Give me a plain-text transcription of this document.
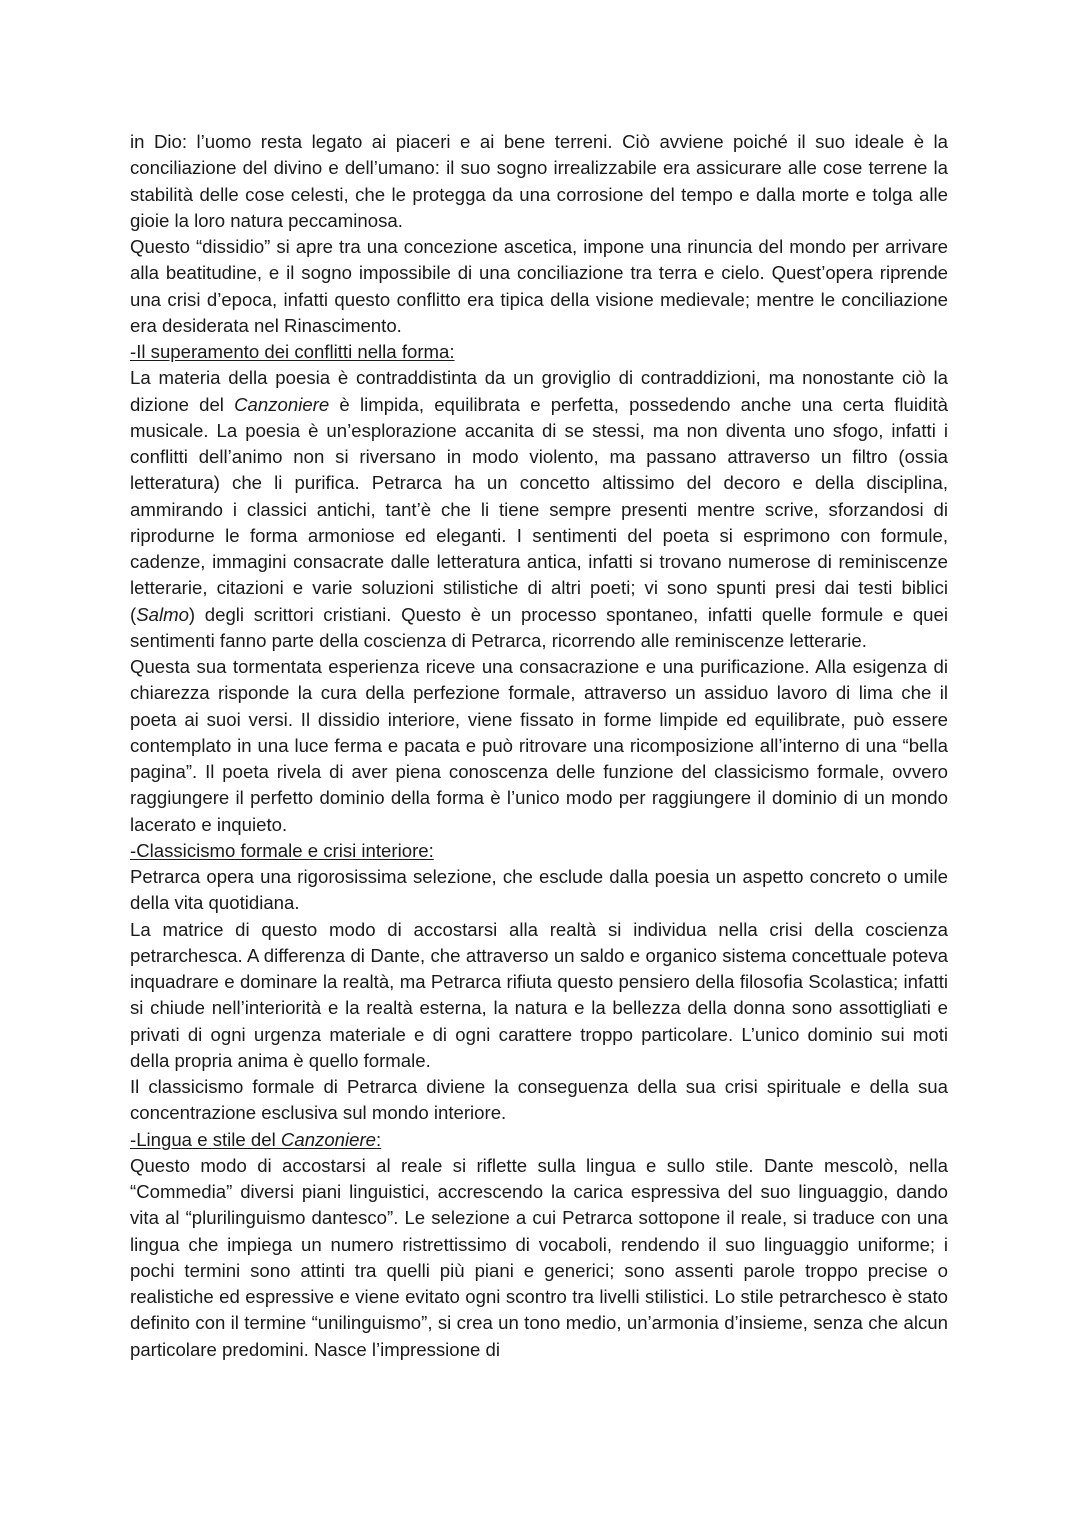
in Dio: l’uomo resta legato ai piaceri e ai bene terreni. Ciò avviene poiché il suo ideale è la conciliazione del divino e dell’umano: il suo sogno irrealizzabile era assicurare alle cose terrene la stabilità delle cose celesti, che le protegga da una corrosione del tempo e dalla morte e tolga alle gioie la loro natura peccaminosa.

Questo “dissidio” si apre tra una concezione ascetica, impone una rinuncia del mondo per arrivare alla beatitudine, e il sogno impossibile di una conciliazione tra terra e cielo. Quest’opera riprende una crisi d’epoca, infatti questo conflitto era tipica della visione medievale; mentre le conciliazione era desiderata nel Rinascimento.

-Il superamento dei conflitti nella forma:

La materia della poesia è contraddistinta da un groviglio di contraddizioni, ma nonostante ciò la dizione del Canzoniere è limpida, equilibrata e perfetta, possedendo anche una certa fluidità musicale. La poesia è un’esplorazione accanita di se stessi, ma non diventa uno sfogo, infatti i conflitti dell’animo non si riversano in modo violento, ma passano attraverso un filtro (ossia letteratura) che li purifica. Petrarca ha un concetto altissimo del decoro e della disciplina, ammirando i classici antichi, tant’è che li tiene sempre presenti mentre scrive, sforzandosi di riprodurne le forma armoniose ed eleganti. I sentimenti del poeta si esprimono con formule, cadenze, immagini consacrate dalle letteratura antica, infatti si trovano numerose di reminiscenze letterarie, citazioni e varie soluzioni stilistiche di altri poeti; vi sono spunti presi dai testi biblici (Salmo) degli scrittori cristiani. Questo è un processo spontaneo, infatti quelle formule e quei sentimenti fanno parte della coscienza di Petrarca, ricorrendo alle reminiscenze letterarie.

Questa sua tormentata esperienza riceve una consacrazione e una purificazione. Alla esigenza di chiarezza risponde la cura della perfezione formale, attraverso un assiduo lavoro di lima che il poeta ai suoi versi. Il dissidio interiore, viene fissato in forme limpide ed equilibrate, può essere contemplato in una luce ferma e pacata e può ritrovare una ricomposizione all’interno di una “bella pagina”. Il poeta rivela di aver piena conoscenza delle funzione del classicismo formale, ovvero raggiungere il perfetto dominio della forma è l’unico modo per raggiungere il dominio di un mondo lacerato e inquieto.

-Classicismo formale e crisi interiore:

Petrarca opera una rigorosissima selezione, che esclude dalla poesia un aspetto concreto o umile della vita quotidiana.

La matrice di questo modo di accostarsi alla realtà si individua nella crisi della coscienza petrarchesca. A differenza di Dante, che attraverso un saldo e organico sistema concettuale poteva inquadrare e dominare la realtà, ma Petrarca rifiuta questo pensiero della filosofia Scolastica; infatti si chiude nell’interiorità e la realtà esterna, la natura e la bellezza della donna sono assottigliati e privati di ogni urgenza materiale e di ogni carattere troppo particolare. L’unico dominio sui moti della propria anima è quello formale.

Il classicismo formale di Petrarca diviene la conseguenza della sua crisi spirituale e della sua concentrazione esclusiva sul mondo interiore.

-Lingua e stile del Canzoniere:

Questo modo di accostarsi al reale si riflette sulla lingua e sullo stile. Dante mescolò, nella “Commedia” diversi piani linguistici, accrescendo la carica espressiva del suo linguaggio, dando vita al “plurilinguismo dantesco”. Le selezione a cui Petrarca sottopone il reale, si traduce con una lingua che impiega un numero ristrettissimo di vocaboli, rendendo il suo linguaggio uniforme; i pochi termini sono attinti tra quelli più piani e generici; sono assenti parole troppo precise o realistiche ed espressive e viene evitato ogni scontro tra livelli stilistici. Lo stile petrarchesco è stato definito con il termine “unilinguismo”, si crea un tono medio, un’armonia d’insieme, senza che alcun particolare predomini. Nasce l’impressione di
